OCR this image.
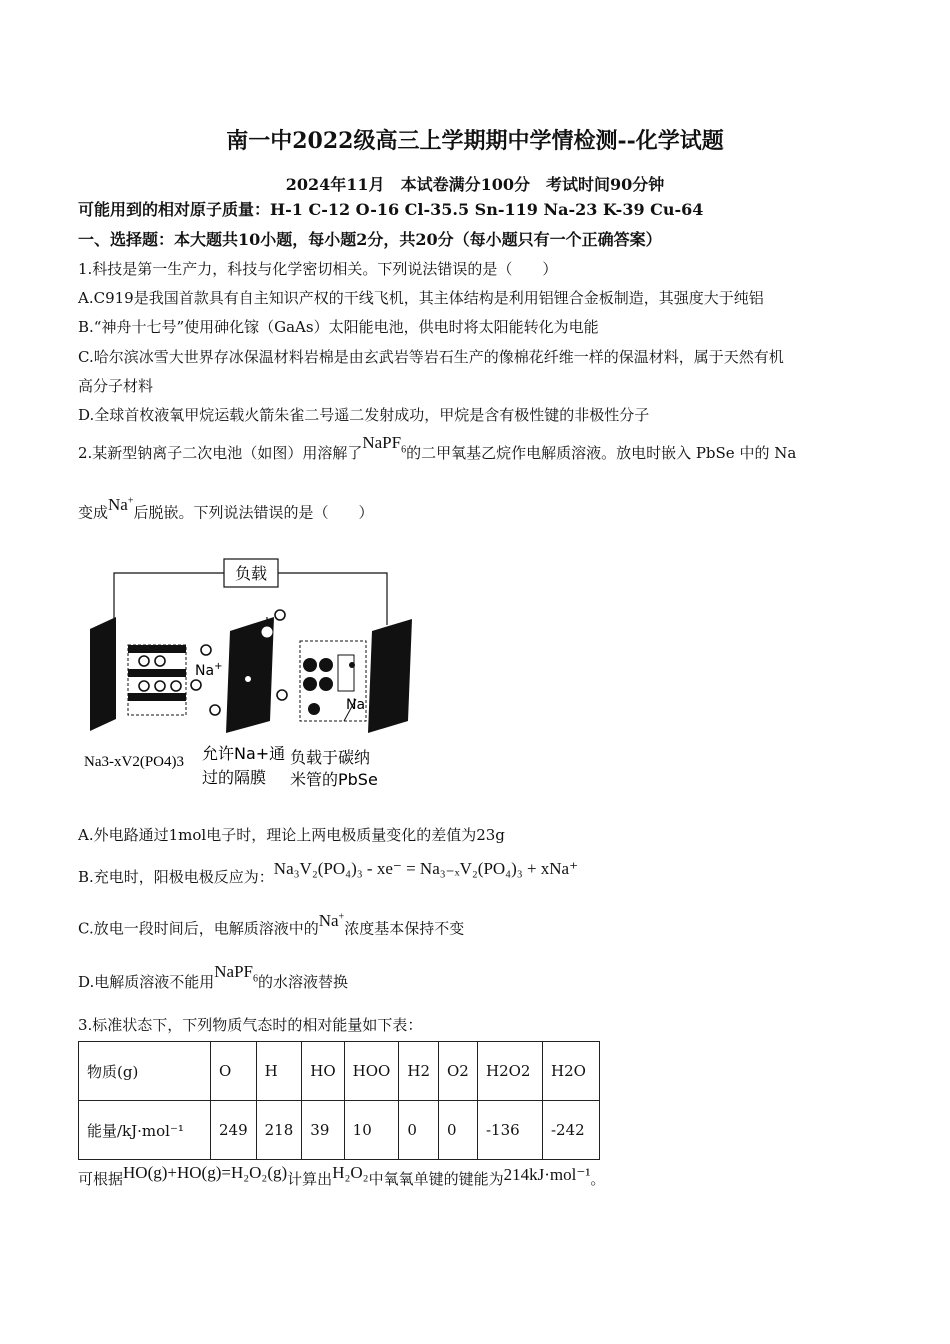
南一中2022级高三上学期期中学情检测--化学试题
2024年11月　本试卷满分100分　考试时间90分钟
可能用到的相对原子质量：H-1 C-12 O-16 Cl-35.5 Sn-119 Na-23 K-39 Cu-64
一、选择题：本大题共10小题，每小题2分，共20分（每小题只有一个正确答案）
1.科技是第一生产力，科技与化学密切相关。下列说法错误的是（　　）
A.C919是我国首款具有自主知识产权的干线飞机，其主体结构是利用铝锂合金板制造，其强度大于纯铝
B.“神舟十七号”使用砷化镓（GaAs）太阳能电池，供电时将太阳能转化为电能
C.哈尔滨冰雪大世界存冰保温材料岩棉是由玄武岩等岩石生产的像棉花纤维一样的保温材料，属于天然有机
高分子材料
D.全球首枚液氧甲烷运载火箭朱雀二号遥二发射成功，甲烷是含有极性键的非极性分子
2.某新型钠离子二次电池（如图）用溶解了NaPF$_6$的二甲氧基乙烷作电解质溶液。放电时嵌入 PbSe 中的 Na
变成Na+后脱嵌。下列说法错误的是（　　）
负载
Na+
Na
Na3-xV2(PO4)3 允许Na+通
过的隔膜
负载于碳纳
米管的PbSe
A.外电路通过1mol电子时，理论上两电极质量变化的差值为23g
B.充电时，阳极电极反应为：Na₃V₂(PO₄)₃ - xe⁻ = Na₃₋ₓV₂(PO₄)₃ + xNa⁺
C.放电一段时间后，电解质溶液中的Na+浓度基本保持不变
D.电解质溶液不能用NaPF$_6$的水溶液替换
3.标准状态下，下列物质气态时的相对能量如下表：
物质(g)	O	H	HO	HOO	H2	O2	H2O2	H2O
能量/kJ·mol⁻¹	249	218	39	10	0	0	-136	-242
可根据HO(g)+HO(g)=H₂O₂(g)计算出H₂O₂中氧氧单键的键能为214kJ·mol⁻¹。
